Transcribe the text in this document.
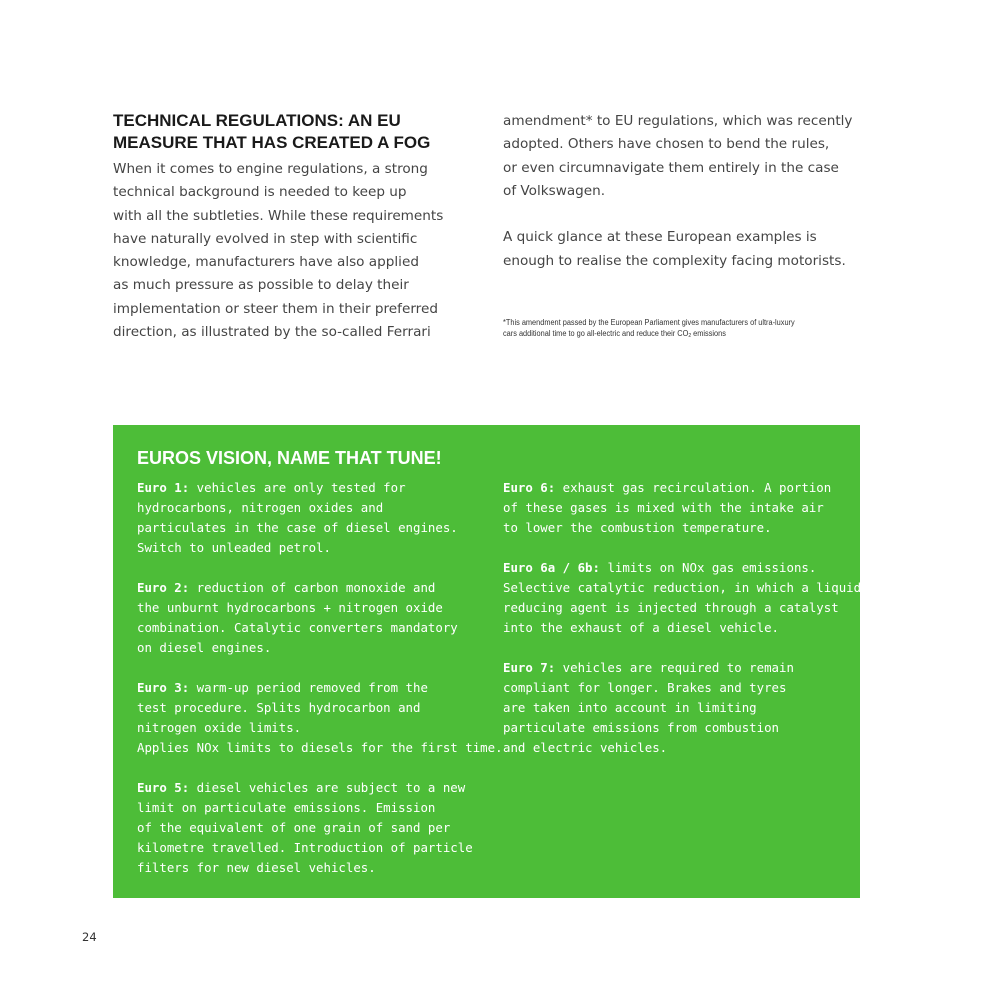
TECHNICAL REGULATIONS: AN EU
MEASURE THAT HAS CREATED A FOG
When it comes to engine regulations, a strong
technical background is needed to keep up
with all the subtleties. While these requirements
have naturally evolved in step with scientific
knowledge, manufacturers have also applied
as much pressure as possible to delay their
implementation or steer them in their preferred
direction, as illustrated by the so-called Ferrari
amendment* to EU regulations, which was recently
adopted. Others have chosen to bend the rules,
or even circumnavigate them entirely in the case
of Volkswagen.
A quick glance at these European examples is
enough to realise the complexity facing motorists.
*This amendment passed by the European Parliament gives manufacturers of ultra-luxury
cars additional time to go all-electric and reduce their $CO_2$ emissions
EUROS VISION, NAME THAT TUNE!
Euro 1: vehicles are only tested for
hydrocarbons, nitrogen oxides and
particulates in the case of diesel engines.
Switch to unleaded petrol.
Euro 2: reduction of carbon monoxide and
the unburnt hydrocarbons + nitrogen oxide
combination. Catalytic converters mandatory
on diesel engines.
Euro 3: warm-up period removed from the
test procedure. Splits hydrocarbon and
nitrogen oxide limits.
Applies NOx limits to diesels for the first time.
Euro 5: diesel vehicles are subject to a new
limit on particulate emissions. Emission
of the equivalent of one grain of sand per
kilometre travelled. Introduction of particle
filters for new diesel vehicles.
Euro 6: exhaust gas recirculation. A portion
of these gases is mixed with the intake air
to lower the combustion temperature.
Euro 6a / 6b: limits on NOx gas emissions.
Selective catalytic reduction, in which a liquid
reducing agent is injected through a catalyst
into the exhaust of a diesel vehicle.
Euro 7: vehicles are required to remain
compliant for longer. Brakes and tyres
are taken into account in limiting
particulate emissions from combustion
and electric vehicles.
24
